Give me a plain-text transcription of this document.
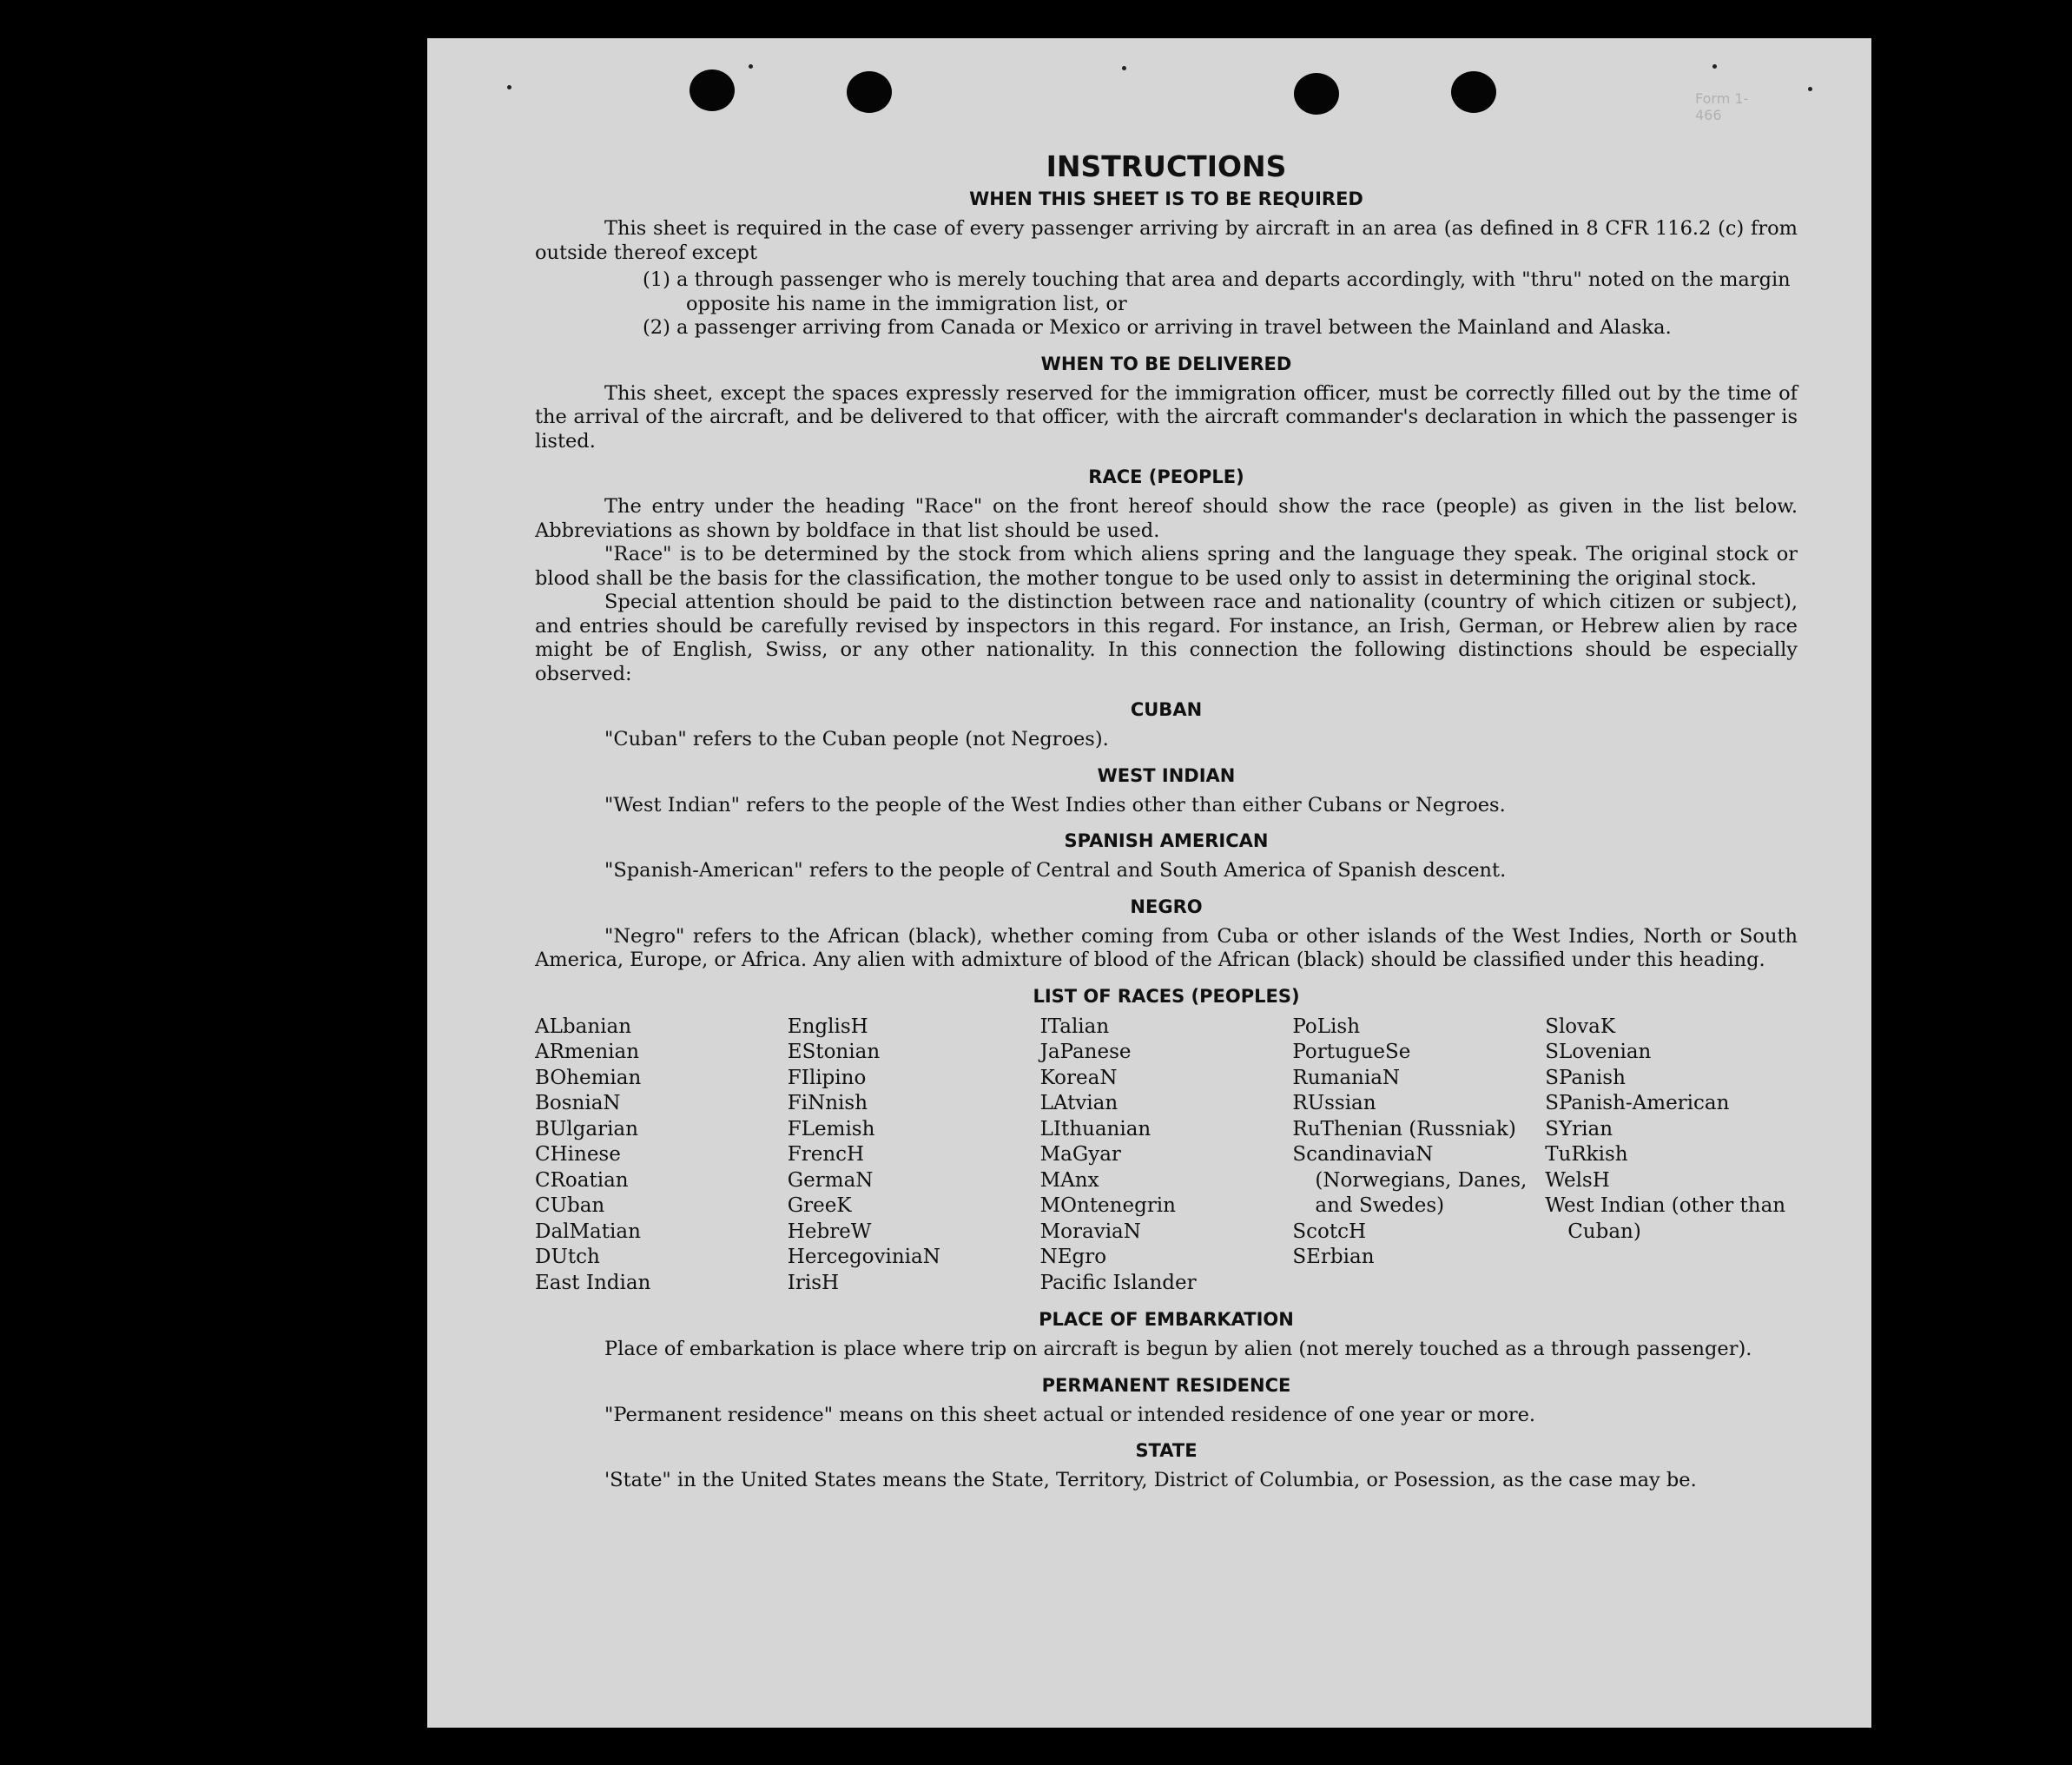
Form 1-466
INSTRUCTIONS
WHEN THIS SHEET IS TO BE REQUIRED

This sheet is required in the case of every passenger arriving by aircraft in an area (as defined in 8 CFR 116.2 (c) from outside thereof except

(1) a through passenger who is merely touching that area and departs accordingly, with "thru" noted on the margin opposite his name in the immigration list, or
(2) a passenger arriving from Canada or Mexico or arriving in travel between the Mainland and Alaska.
WHEN TO BE DELIVERED

This sheet, except the spaces expressly reserved for the immigration officer, must be correctly filled out by the time of the arrival of the aircraft, and be delivered to that officer, with the aircraft commander's declaration in which the passenger is listed.

RACE (PEOPLE)

The entry under the heading "Race" on the front hereof should show the race (people) as given in the list below. Abbreviations as shown by boldface in that list should be used.

"Race" is to be determined by the stock from which aliens spring and the language they speak. The original stock or blood shall be the basis for the classification, the mother tongue to be used only to assist in determining the original stock.

Special attention should be paid to the distinction between race and nationality (country of which citizen or subject), and entries should be carefully revised by inspectors in this regard. For instance, an Irish, German, or Hebrew alien by race might be of English, Swiss, or any other nationality. In this connection the following distinctions should be especially observed:

CUBAN

"Cuban" refers to the Cuban people (not Negroes).

WEST INDIAN

"West Indian" refers to the people of the West Indies other than either Cubans or Negroes.

SPANISH AMERICAN

"Spanish-American" refers to the people of Central and South America of Spanish descent.

NEGRO

"Negro" refers to the African (black), whether coming from Cuba or other islands of the West Indies, North or South America, Europe, or Africa. Any alien with admixture of blood of the African (black) should be classified under this heading.

LIST OF RACES (PEOPLES)
ALbanian
ARmenian
BOhemian
BosniaN
BUlgarian
CHinese
CRoatian
CUban
DalMatian
DUtch
East Indian
EnglisH
EStonian
FIlipino
FiNnish
FLemish
FrencH
GermaN
GreeK
HebreW
HercegoviniaN
IrisH
ITalian
JaPanese
KoreaN
LAtvian
LIthuanian
MaGyar
MAnx
MOntenegrin
MoraviaN
NEgro
Pacific Islander
PoLish
PortugueSe
RumaniaN
RUssian
RuThenian (Russniak)
ScandinaviaN (Norwegians, Danes, and Swedes)
ScotcH
SErbian
SlovaK
SLovenian
SPanish
SPanish-American
SYrian
TuRkish
WelsH
West Indian (other than Cuban)
PLACE OF EMBARKATION

Place of embarkation is place where trip on aircraft is begun by alien (not merely touched as a through passenger).

PERMANENT RESIDENCE

"Permanent residence" means on this sheet actual or intended residence of one year or more.

STATE

'State" in the United States means the State, Territory, District of Columbia, or Posession, as the case may be.
